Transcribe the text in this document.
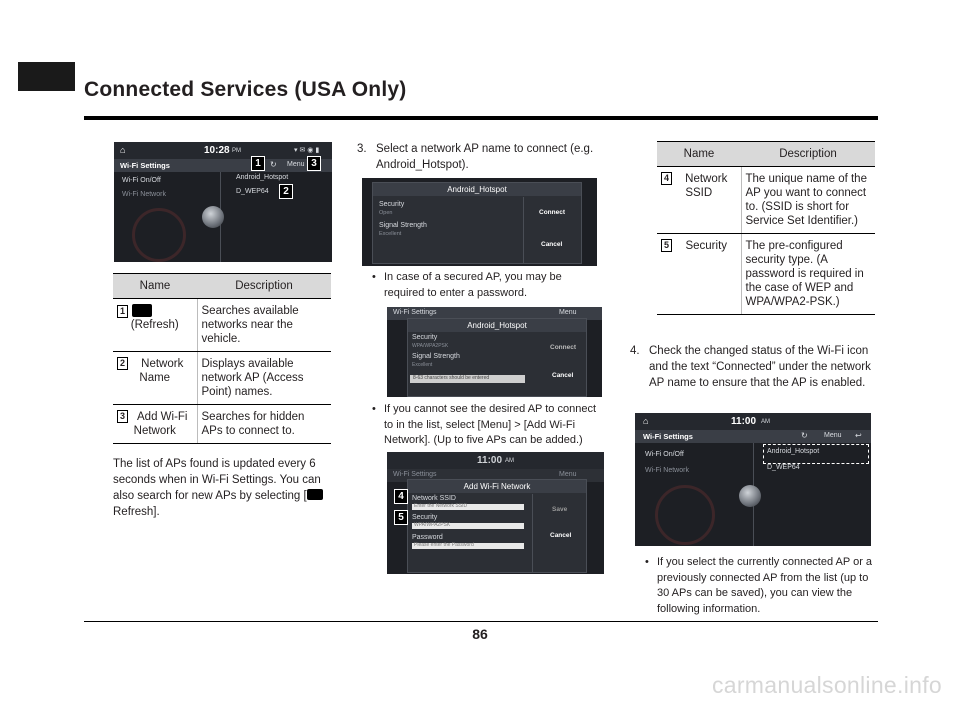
Connected Services (USA Only)
⌂	10:28 PM	▾ ✉ ◉ ▮
Wi-Fi Settings	↻ Menu
Wi-Fi On/Off
Wi-Fi Network
Android_Hotspot
D_WEP64
1	3
2
Name	Description

1
(Refresh)	Searches available networks near the vehicle.

2 Network Name	Displays available network AP (Access Point) names.

3 Add Wi-Fi Network	Searches for hidden APs to connect to.
The list of APs found is updated every 6 seconds when in Wi-Fi Settings. You can also search for new APs by selecting [ Refresh].
3. Select a network AP name to connect (e.g. Android_Hotspot).
Android_Hotspot
Security
Open
Signal Strength
Excellent
Connect
Cancel
• In case of a secured AP, you may be required to enter a password.
Wi-Fi Settings	Menu
Android_Hotspot
Security
WPA/WPA2PSK
Signal Strength
Excellent
8-63 characters should be entered
Connect
Cancel
• If you cannot see the desired AP to connect to in the list, select [Menu] > [Add Wi-Fi Network]. (Up to five APs can be added.)
11:00 AM
Wi-Fi Settings	Menu
Add Wi-Fi Network
Network SSID
Enter the Network SSID
Security
WPA/WPA2PSK
Password
Please enter the Password
Save
Cancel
4
5
Name	Description

4 Network SSID	The unique name of the AP you want to connect to. (SSID is short for Service Set Identifier.)

5 Security	The pre-configured security type. (A password is required in the case of WEP and WPA/WPA2-PSK.)
4. Check the changed status of the Wi-Fi icon and the text “Connected” under the network AP name to ensure that the AP is enabled.
⌂	11:00 AM
Wi-Fi Settings	↻ Menu ↩
Wi-Fi On/Off
Wi-Fi Network
Android_Hotspot
D_WEP64
• If you select the currently connected AP or a previously connected AP from the list (up to 30 APs can be saved), you can view the following information.
86
carmanualsonline.info
